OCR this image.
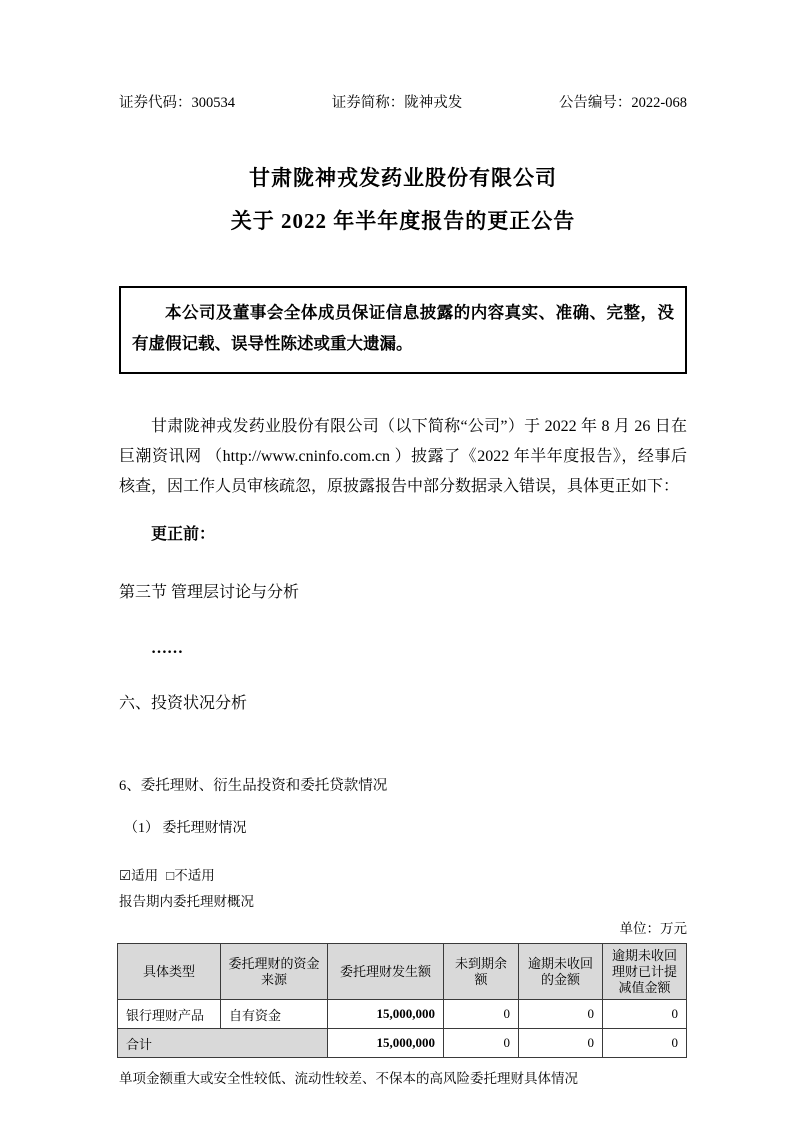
证券代码：300534	证券简称：陇神戎发	公告编号：2022-068
甘肃陇神戎发药业股份有限公司
关于 2022 年半年度报告的更正公告

本公司及董事会全体成员保证信息披露的内容真实、准确、完整，没有虚假记载、误导性陈述或重大遗漏。

甘肃陇神戎发药业股份有限公司（以下简称“公司”）于 2022 年 8 月 26 日在巨潮资讯网 （http://www.cninfo.com.cn ）披露了《2022 年半年度报告》，经事后核查，因工作人员审核疏忽，原披露报告中部分数据录入错误，具体更正如下：

更正前：

第三节 管理层讨论与分析

……

六、投资状况分析

6、委托理财、衍生品投资和委托贷款情况

（1） 委托理财情况

☑适用 □不适用

报告期内委托理财概况

单位：万元

具体类型	委托理财的资金来源	委托理财发生额	未到期余额	逾期未收回的金额	逾期未收回理财已计提减值金额
银行理财产品	自有资金	15,000,000	0	0	0
合计		15,000,000	0	0	0

单项金额重大或安全性较低、流动性较差、不保本的高风险委托理财具体情况
